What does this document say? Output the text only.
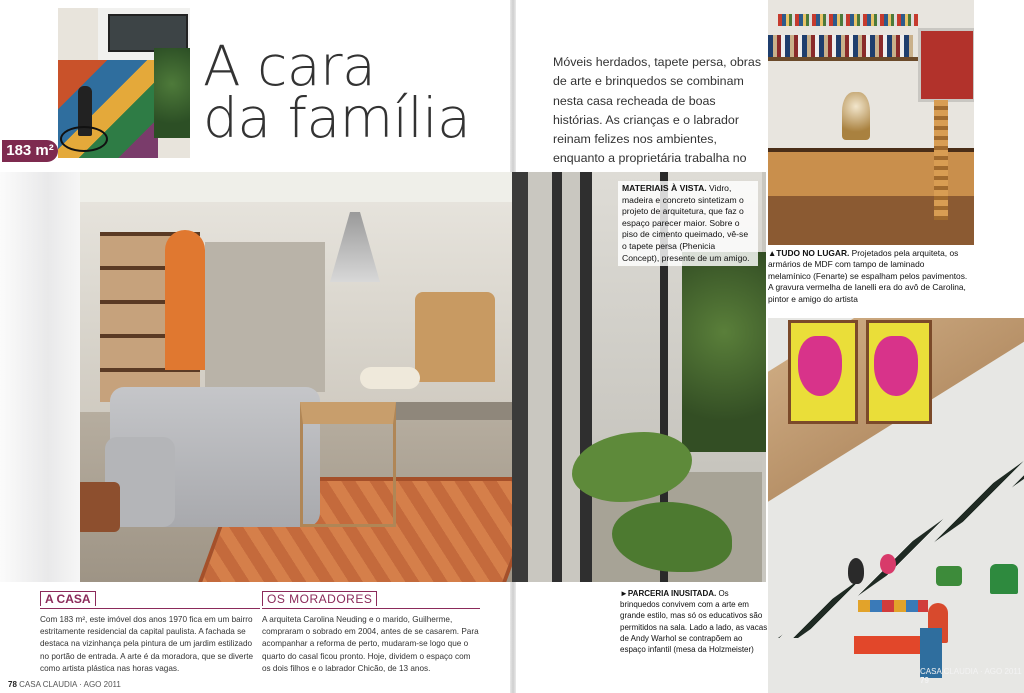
183 m²
A cara
da família
Móveis herdados, tapete persa, obras de arte e brinquedos se combinam nesta casa recheada de boas histórias. As crianças e o labrador reinam felizes nos ambientes, enquanto a proprietária trabalha no
MATERIAIS À VISTA. Vidro, madeira e concreto sintetizam o projeto de arquitetura, que faz o espaço parecer maior. Sobre o piso de cimento queimado, vê-se o tapete persa (Phenicia Concept), presente de um amigo.	▲TUDO NO LUGAR. Projetados pela arquiteta, os armários de MDF com tampo de laminado melamínico (Fenarte) se espalham pelos pavimentos. A gravura vermelha de Ianelli era do avô de Carolina, pintor e amigo do artista
A CASA
Com 183 m², este imóvel dos anos 1970 fica em um bairro estritamente residencial da capital paulista. A fachada se destaca na vizinhança pela pintura de um jardim estilizado no portão de entrada. A arte é da moradora, que se diverte como artista plástica nas horas vagas.
OS MORADORES
A arquiteta Carolina Neuding e o marido, Guilherme, compraram o sobrado em 2004, antes de se casarem. Para acompanhar a reforma de perto, mudaram-se logo que o quarto do casal ficou pronto. Hoje, dividem o espaço com os dois filhos e o labrador Chicão, de 13 anos.
►PARCERIA INUSITADA. Os brinquedos convivem com a arte em grande estilo, mas só os educativos são permitidos na sala. Lado a lado, as vacas de Andy Warhol se contrapõem ao espaço infantil (mesa da Holzmeister)
78 CASA CLAUDIA · AGO 2011
CASA CLAUDIA · AGO 2011 79
